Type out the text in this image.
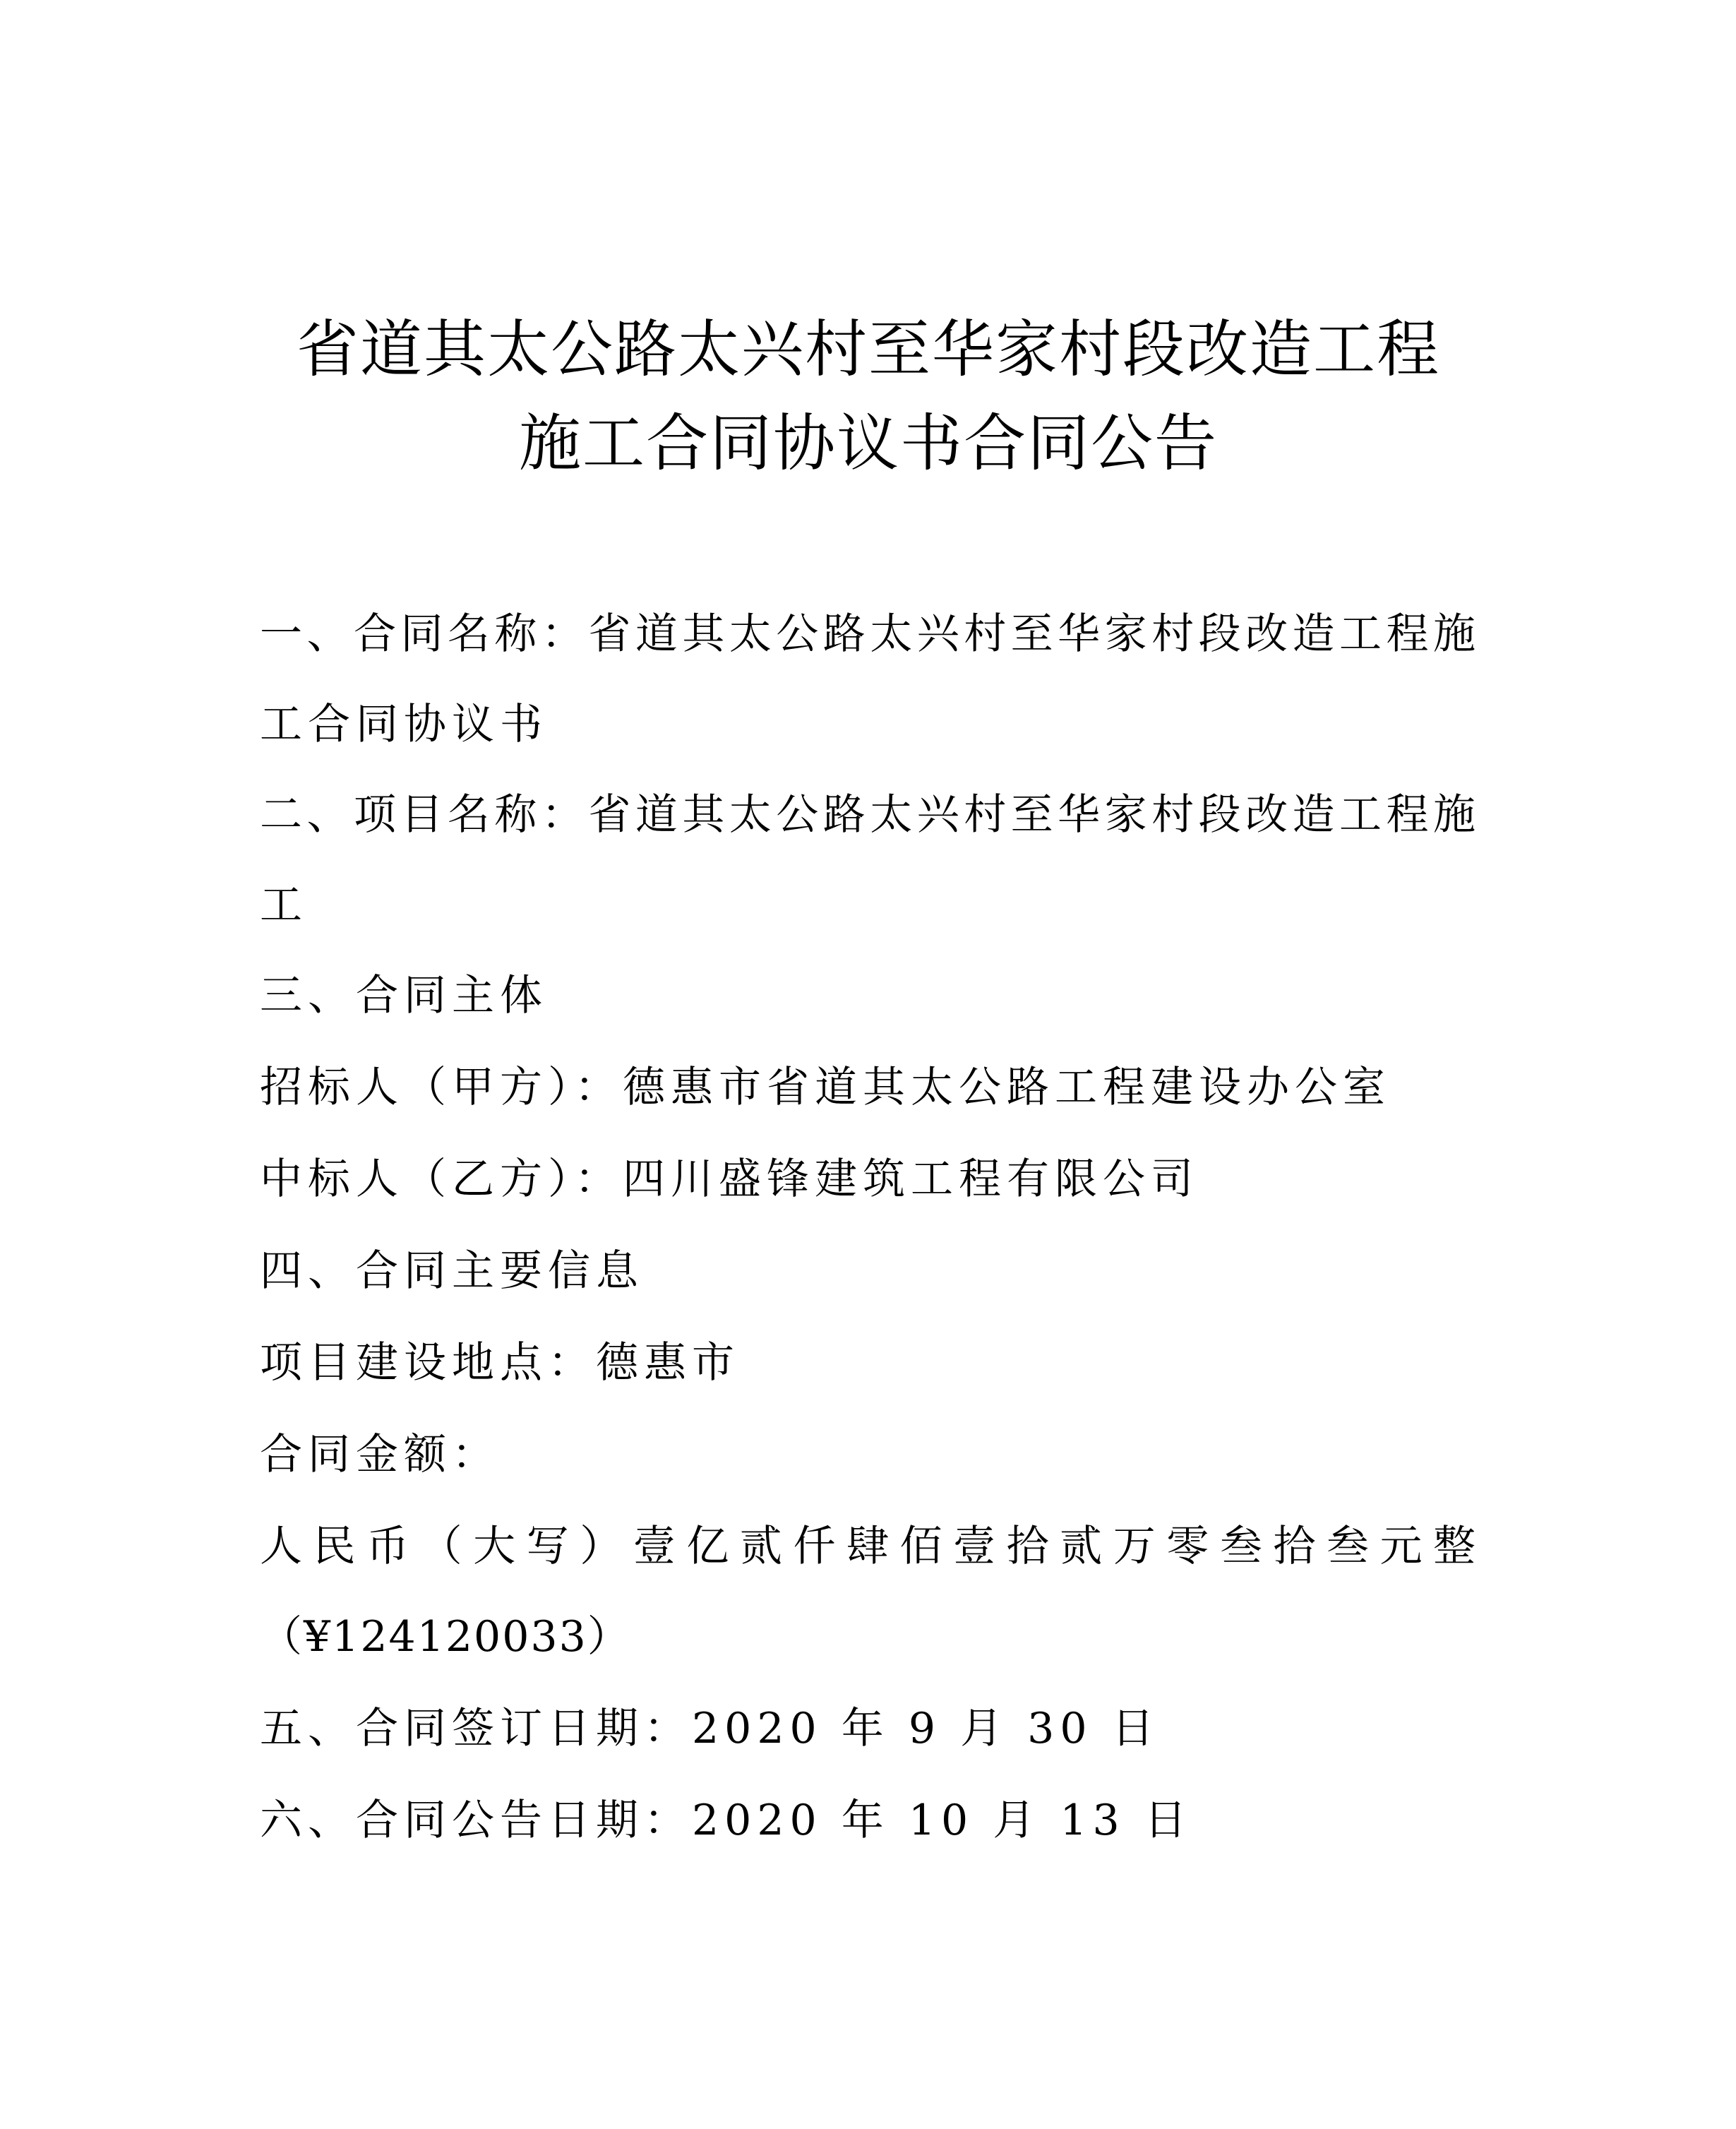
省道其太公路太兴村至华家村段改造工程
施工合同协议书合同公告
一、合同名称：省道其太公路太兴村至华家村段改造工程施
工合同协议书
二、项目名称：省道其太公路太兴村至华家村段改造工程施
工
三、合同主体
招标人（甲方）：德惠市省道其太公路工程建设办公室
中标人（乙方）：四川盛锋建筑工程有限公司
四、合同主要信息
项目建设地点：德惠市
合同金额：
人民币（大写）壹亿贰仟肆佰壹拾贰万零叁拾叁元整
（¥124120033）
五、合同签订日期：2020 年 9 月 30 日
六、合同公告日期：2020 年 10 月 13 日
